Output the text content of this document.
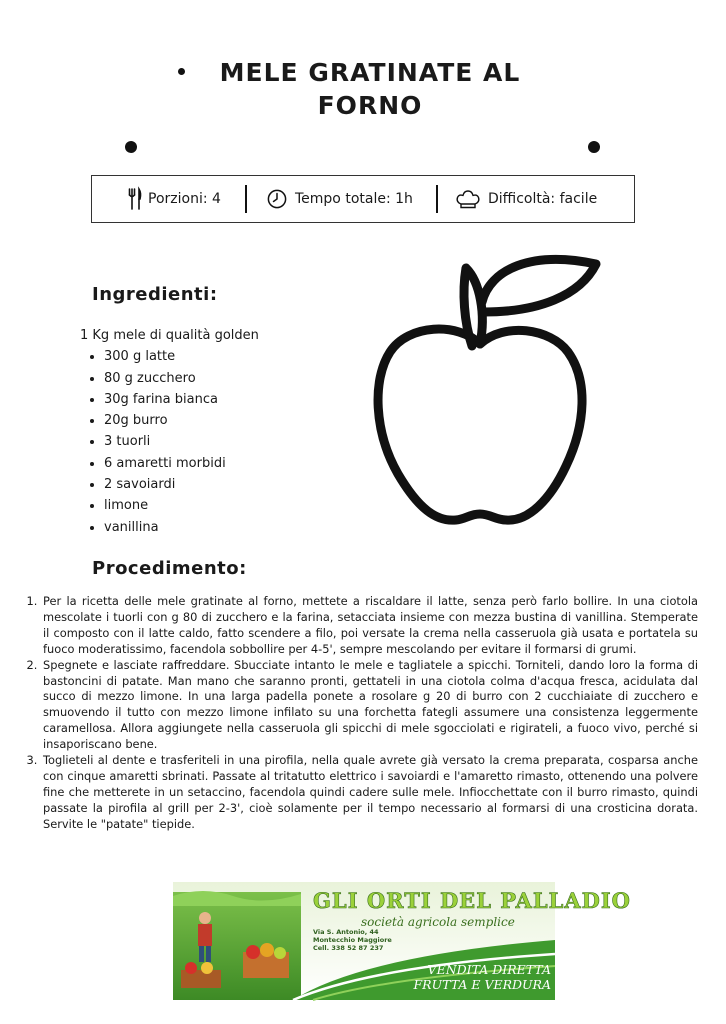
MELE GRATINATE AL
FORNO
Porzioni: 4	Tempo totale: 1h	Difficoltà: facile
Ingredienti:
1 Kg mele di qualità golden
• 300 g latte
• 80 g zucchero
• 30g farina bianca
• 20g burro
• 3 tuorli
• 6 amaretti morbidi
• 2 savoiardi
• limone
• vanillina
Procedimento:
1. Per la ricetta delle mele gratinate al forno, mettete a riscaldare il latte, senza però farlo bollire. In una ciotola mescolate i tuorli con g 80 di zucchero e la farina, setacciata insieme con mezza bustina di vanillina. Stemperate il composto con il latte caldo, fatto scendere a filo, poi versate la crema nella casseruola già usata e portatela su fuoco moderatissimo, facendola sobbollire per 4-5', sempre mescolando per evitare il formarsi di grumi.
2. Spegnete e lasciate raffreddare. Sbucciate intanto le mele e tagliatele a spicchi. Torniteli, dando loro la forma di bastoncini di patate. Man mano che saranno pronti, gettateli in una ciotola colma d'acqua fresca, acidulata dal succo di mezzo limone. In una larga padella ponete a rosolare g 20 di burro con 2 cucchiaiate di zucchero e smuovendo il tutto con mezzo limone infilato su una forchetta fategli assumere una consistenza leggermente caramellosa. Allora aggiungete nella casseruola gli spicchi di mele sgocciolati e rigirateli, a fuoco vivo, perché si insaporiscano bene.
3. Toglieteli al dente e trasferiteli in una pirofila, nella quale avrete già versato la crema preparata, cosparsa anche con cinque amaretti sbrinati. Passate al tritatutto elettrico i savoiardi e l'amaretto rimasto, ottenendo una polvere fine che metterete in un setaccino, facendola quindi cadere sulle mele. Infiocchettate con il burro rimasto, quindi passate la pirofila al grill per 2-3', cioè solamente per il tempo necessario al formarsi di una crosticina dorata. Servite le "patate" tiepide.
GLI ORTI DEL PALLADIO
società agricola semplice
Via S. Antonio, 44
Montecchio Maggiore
Cell. 338 52 87 237
VENDITA DIRETTA
FRUTTA E VERDURA
